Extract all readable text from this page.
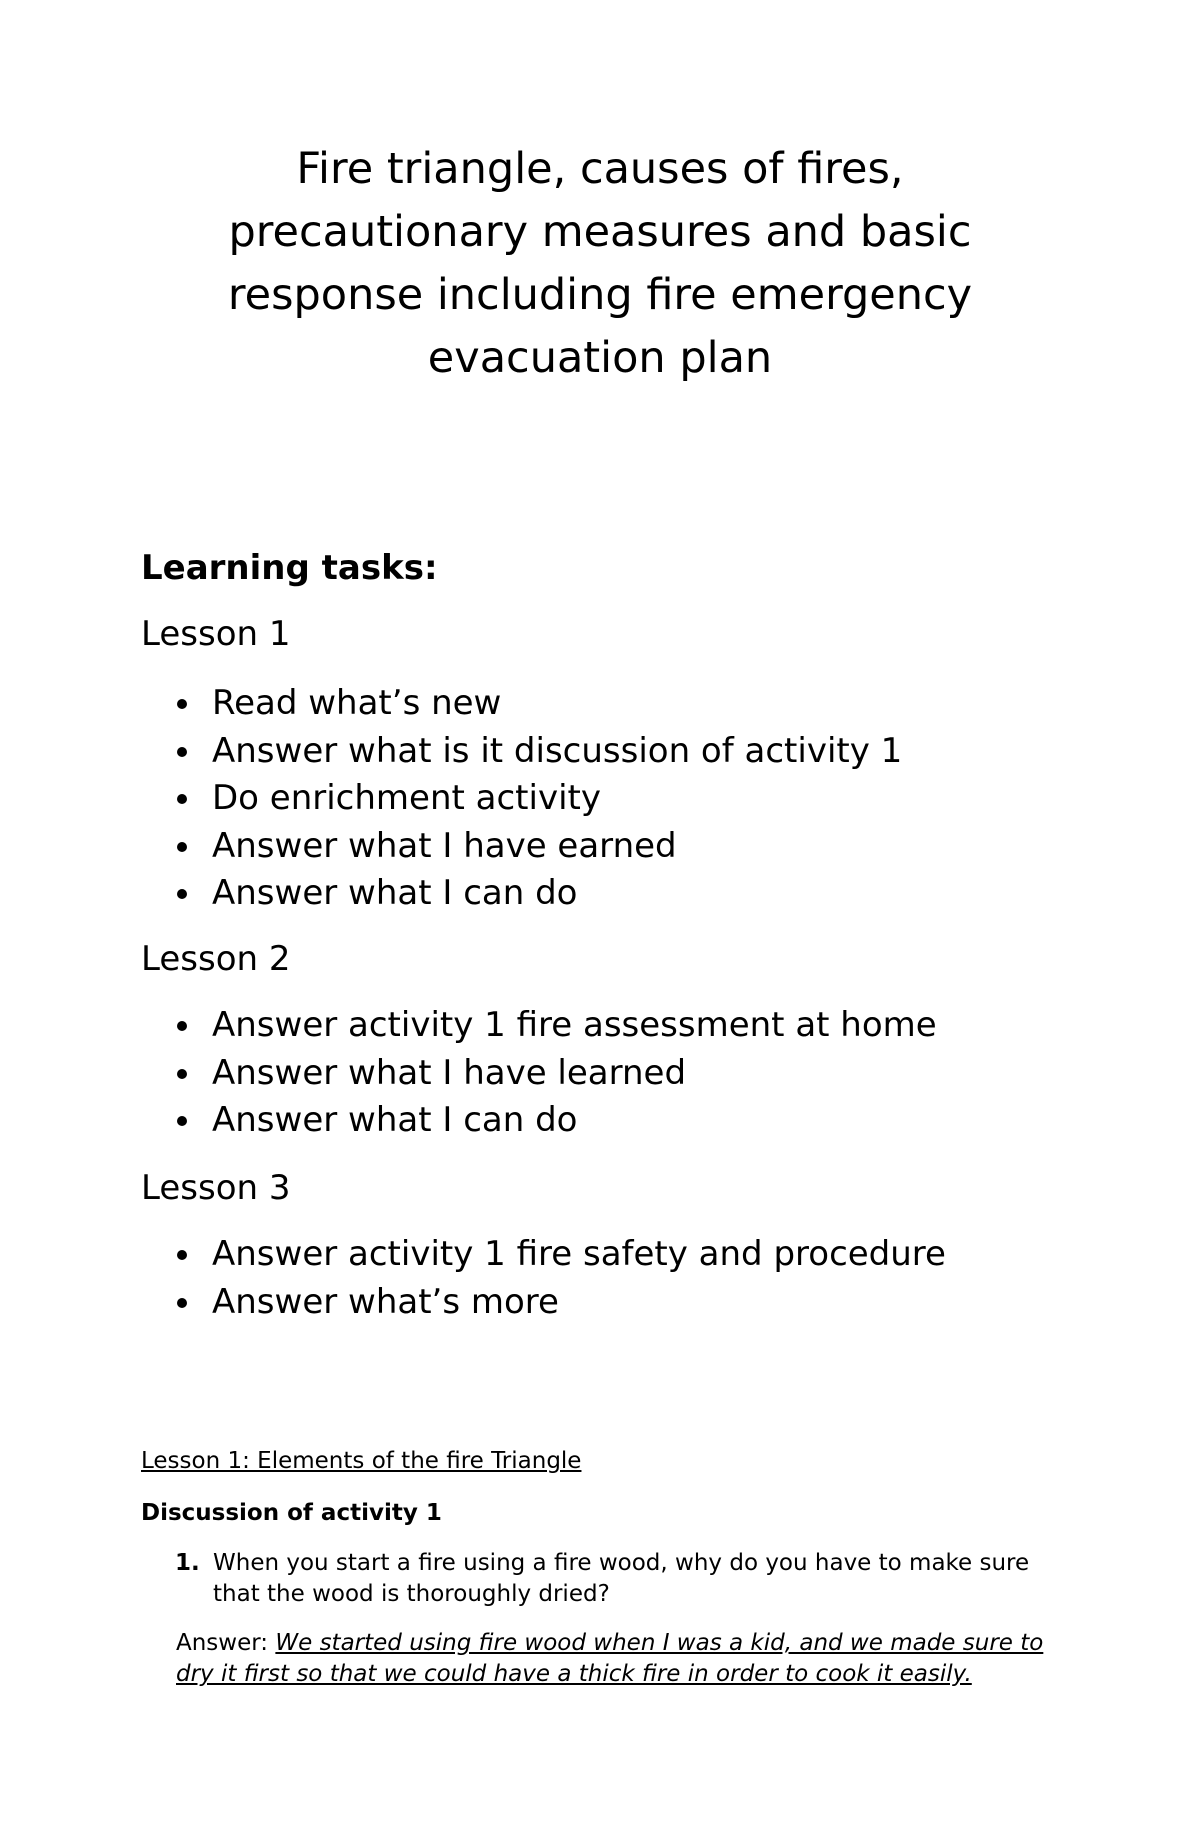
Fire triangle, causes of fires,
precautionary measures and basic
response including fire emergency
evacuation plan
Learning tasks:
Lesson 1
Read what’s new
Answer what is it discussion of activity 1
Do enrichment activity
Answer what I have earned
Answer what I can do
Lesson 2
Answer activity 1 fire assessment at home
Answer what I have learned
Answer what I can do
Lesson 3
Answer activity 1 fire safety and procedure
Answer what’s more
Lesson 1: Elements of the fire Triangle
Discussion of activity 1
1. When you start a fire using a fire wood, why do you have to make sure that the wood is thoroughly dried?
Answer: We started using fire wood when I was a kid, and we made sure to dry it first so that we could have a thick fire in order to cook it easily.
